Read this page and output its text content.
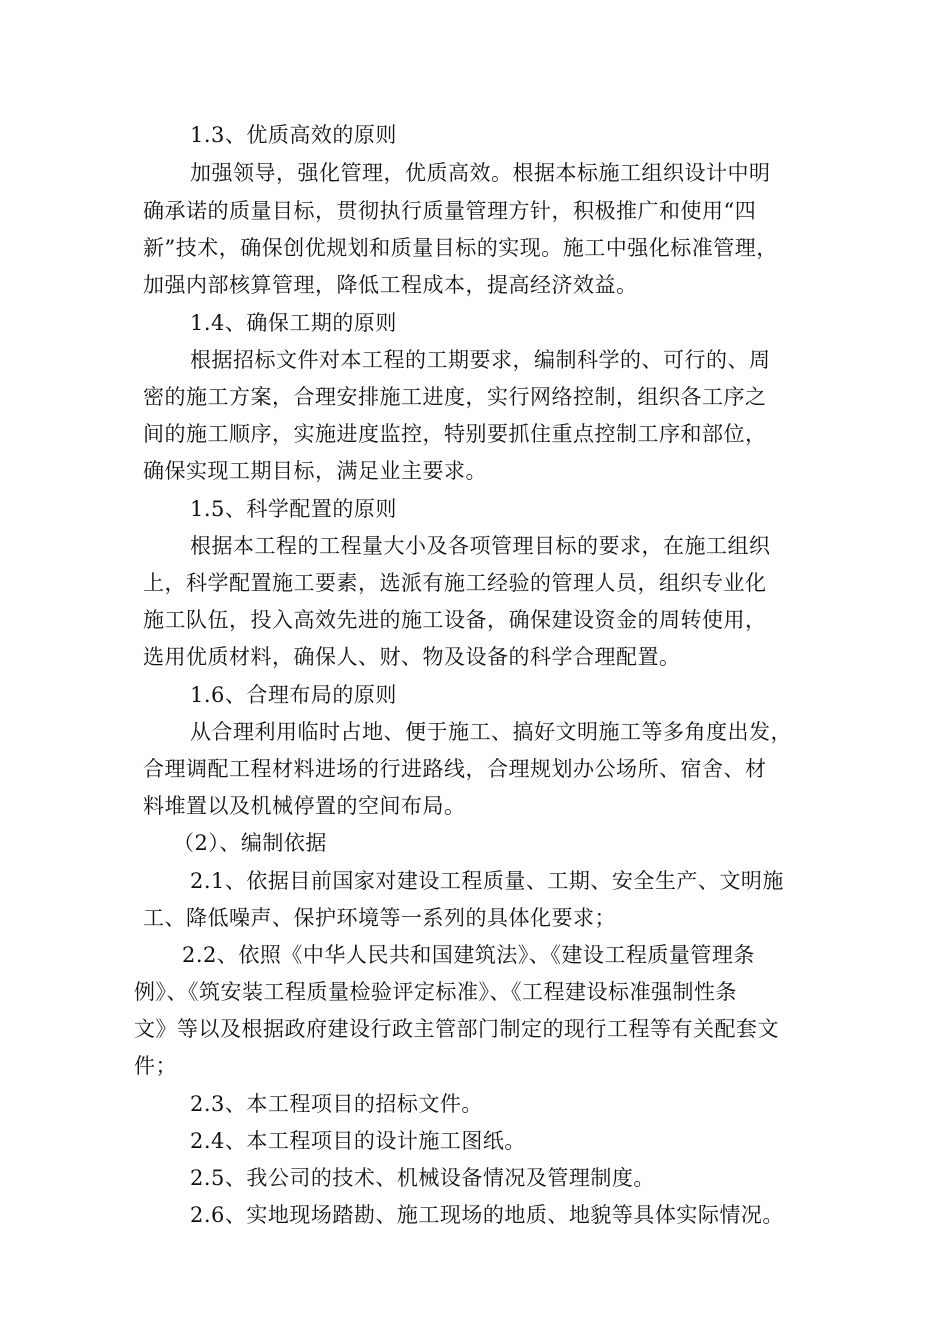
1.3、优质高效的原则
加强领导，强化管理，优质高效。根据本标施工组织设计中明
确承诺的质量目标，贯彻执行质量管理方针，积极推广和使用“四
新”技术，确保创优规划和质量目标的实现。施工中强化标准管理，
加强内部核算管理，降低工程成本，提高经济效益。
1.4、确保工期的原则
根据招标文件对本工程的工期要求，编制科学的、可行的、周
密的施工方案，合理安排施工进度，实行网络控制，组织各工序之
间的施工顺序，实施进度监控，特别要抓住重点控制工序和部位，
确保实现工期目标，满足业主要求。
1.5、科学配置的原则
根据本工程的工程量大小及各项管理目标的要求，在施工组织
上，科学配置施工要素，选派有施工经验的管理人员，组织专业化
施工队伍，投入高效先进的施工设备，确保建设资金的周转使用，
选用优质材料，确保人、财、物及设备的科学合理配置。
1.6、合理布局的原则
从合理利用临时占地、便于施工、搞好文明施工等多角度出发，
合理调配工程材料进场的行进路线，合理规划办公场所、宿舍、材
料堆置以及机械停置的空间布局。
（2）、编制依据
2.1、依据目前国家对建设工程质量、工期、安全生产、文明施
工、降低噪声、保护环境等一系列的具体化要求；
2.2、依照《中华人民共和国建筑法》、《建设工程质量管理条
例》、《筑安装工程质量检验评定标准》、《工程建设标准强制性条
文》等以及根据政府建设行政主管部门制定的现行工程等有关配套文
件；
2.3、本工程项目的招标文件。
2.4、本工程项目的设计施工图纸。
2.5、我公司的技术、机械设备情况及管理制度。
2.6、实地现场踏勘、施工现场的地质、地貌等具体实际情况。
